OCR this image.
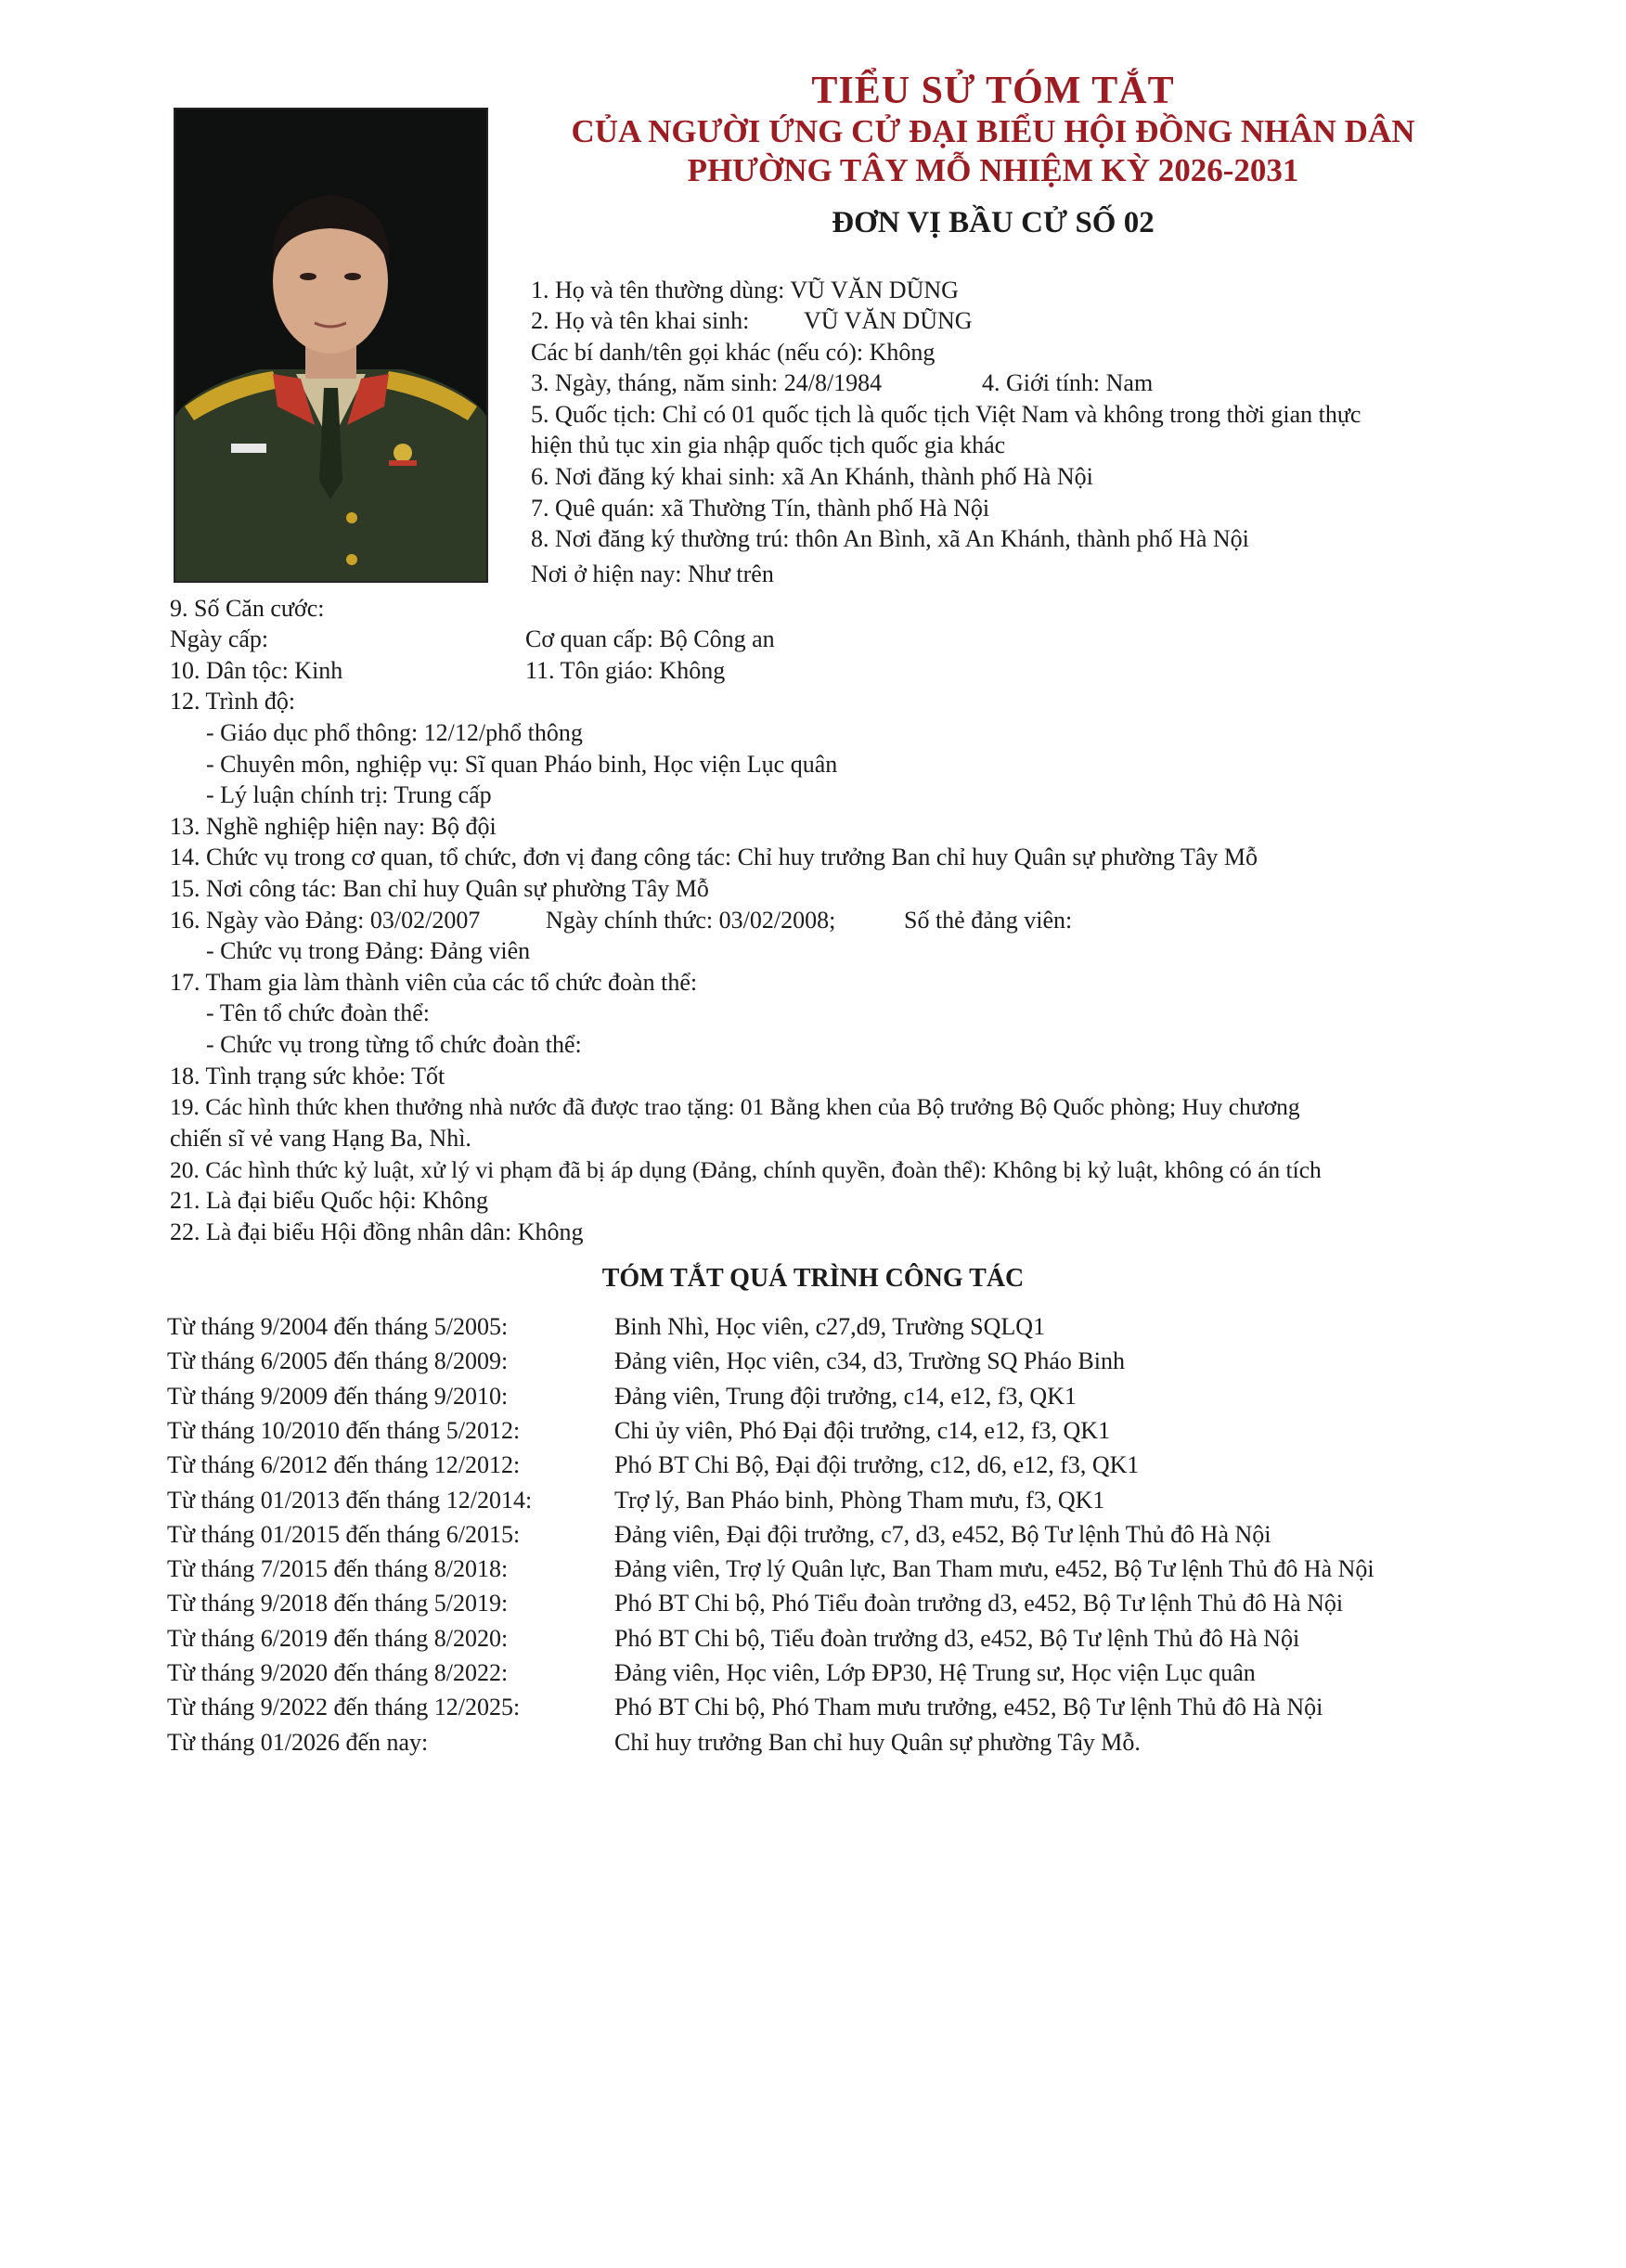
TIỂU SỬ TÓM TẮT
CỦA NGƯỜI ỨNG CỬ ĐẠI BIỂU HỘI ĐỒNG NHÂN DÂN
PHƯỜNG TÂY MỖ NHIỆM KỲ 2026-2031
ĐƠN VỊ BẦU CỬ SỐ 02
1. Họ và tên thường dùng: VŨ VĂN DŨNG
2. Họ và tên khai sinh: VŨ VĂN DŨNG
Các bí danh/tên gọi khác (nếu có): Không
3. Ngày, tháng, năm sinh: 24/8/1984	4. Giới tính: Nam
5. Quốc tịch: Chỉ có 01 quốc tịch là quốc tịch Việt Nam và không trong thời gian thực
hiện thủ tục xin gia nhập quốc tịch quốc gia khác
6. Nơi đăng ký khai sinh: xã An Khánh, thành phố Hà Nội
7. Quê quán: xã Thường Tín, thành phố Hà Nội
8. Nơi đăng ký thường trú: thôn An Bình, xã An Khánh, thành phố Hà Nội
Nơi ở hiện nay: Như trên
9. Số Căn cước:
Ngày cấp:	Cơ quan cấp: Bộ Công an
10. Dân tộc: Kinh	11. Tôn giáo: Không
12. Trình độ:
- Giáo dục phổ thông: 12/12/phổ thông
- Chuyên môn, nghiệp vụ: Sĩ quan Pháo binh, Học viện Lục quân
- Lý luận chính trị: Trung cấp
13. Nghề nghiệp hiện nay: Bộ đội
14. Chức vụ trong cơ quan, tổ chức, đơn vị đang công tác: Chỉ huy trưởng Ban chỉ huy Quân sự phường Tây Mỗ
15. Nơi công tác: Ban chỉ huy Quân sự phường Tây Mỗ
16. Ngày vào Đảng: 03/02/2007	Ngày chính thức: 03/02/2008;	Số thẻ đảng viên:
- Chức vụ trong Đảng: Đảng viên
17. Tham gia làm thành viên của các tổ chức đoàn thể:
- Tên tổ chức đoàn thể:
- Chức vụ trong từng tổ chức đoàn thể:
18. Tình trạng sức khỏe: Tốt
19. Các hình thức khen thưởng nhà nước đã được trao tặng: 01 Bằng khen của Bộ trưởng Bộ Quốc phòng; Huy chương
chiến sĩ vẻ vang Hạng Ba, Nhì.
20. Các hình thức kỷ luật, xử lý vi phạm đã bị áp dụng (Đảng, chính quyền, đoàn thể): Không bị kỷ luật, không có án tích
21. Là đại biểu Quốc hội: Không
22. Là đại biểu Hội đồng nhân dân: Không
TÓM TẮT QUÁ TRÌNH CÔNG TÁC
Từ tháng 9/2004 đến tháng 5/2005:	Binh Nhì, Học viên, c27,d9, Trường SQLQ1
Từ tháng 6/2005 đến tháng 8/2009:	Đảng viên, Học viên, c34, d3, Trường SQ Pháo Binh
Từ tháng 9/2009 đến tháng 9/2010:	Đảng viên, Trung đội trưởng, c14, e12, f3, QK1
Từ tháng 10/2010 đến tháng 5/2012:	Chi ủy viên, Phó Đại đội trưởng, c14, e12, f3, QK1
Từ tháng 6/2012 đến tháng 12/2012:	Phó BT Chi Bộ, Đại đội trưởng, c12, d6, e12, f3, QK1
Từ tháng 01/2013 đến tháng 12/2014:	Trợ lý, Ban Pháo binh, Phòng Tham mưu, f3, QK1
Từ tháng 01/2015 đến tháng 6/2015:	Đảng viên, Đại đội trưởng, c7, d3, e452, Bộ Tư lệnh Thủ đô Hà Nội
Từ tháng 7/2015 đến tháng 8/2018:	Đảng viên, Trợ lý Quân lực, Ban Tham mưu, e452, Bộ Tư lệnh Thủ đô Hà Nội
Từ tháng 9/2018 đến tháng 5/2019:	Phó BT Chi bộ, Phó Tiểu đoàn trưởng d3, e452, Bộ Tư lệnh Thủ đô Hà Nội
Từ tháng 6/2019 đến tháng 8/2020:	Phó BT Chi bộ, Tiểu đoàn trưởng d3, e452, Bộ Tư lệnh Thủ đô Hà Nội
Từ tháng 9/2020 đến tháng 8/2022:	Đảng viên, Học viên, Lớp ĐP30, Hệ Trung sư, Học viện Lục quân
Từ tháng 9/2022 đến tháng 12/2025:	Phó BT Chi bộ, Phó Tham mưu trưởng, e452, Bộ Tư lệnh Thủ đô Hà Nội
Từ tháng 01/2026 đến nay:	Chỉ huy trưởng Ban chỉ huy Quân sự phường Tây Mỗ.
